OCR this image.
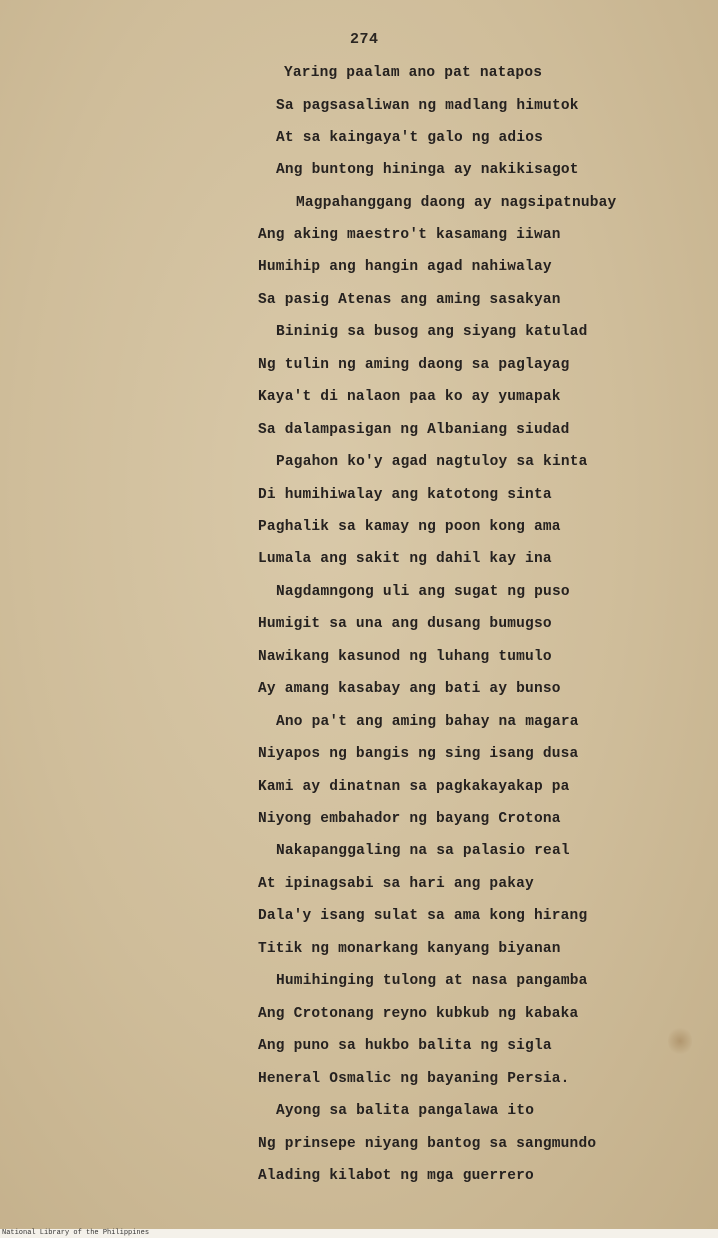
274
Yaring paalam ano pat natapos
Sa pagsasaliwan ng madlang himutok
At sa kaingaya't galo ng adios
Ang buntong hininga ay nakikisagot
Magpahanggang daong ay nagsipatnubay
Ang aking maestro't kasamang iiwan
Humihip ang hangin agad nahiwalay
Sa pasig Atenas ang aming sasakyan
Bininig sa busog ang siyang katulad
Ng tulin ng aming daong sa paglayag
Kaya't di nalaon paa ko ay yumapak
Sa dalampasigan ng Albaniang siudad
Pagahon ko'y agad nagtuloy sa kinta
Di humihiwalay ang katotong sinta
Paghalik sa kamay ng poon kong ama
Lumala ang sakit ng dahil kay ina
Nagdamngong uli ang sugat ng puso
Humigit sa una ang dusang bumugso
Nawikang kasunod ng luhang tumulo
Ay amang kasabay ang bati ay bunso
Ano pa't ang aming bahay na magara
Niyapos ng bangis ng sing isang dusa
Kami ay dinatnan sa pagkakayakap pa
Niyong embahador ng bayang Crotona
Nakapanggaling na sa palasio real
At ipinagsabi sa hari ang pakay
Dala'y isang sulat sa ama kong hirang
Titik ng monarkang kanyang biyanan
Humihinging tulong at nasa pangamba
Ang Crotonang reyno kubkub ng kabaka
Ang puno sa hukbo balita ng sigla
Heneral Osmalic ng bayaning Persia.
Ayong sa balita pangalawa ito
Ng prinsepe niyang bantog sa sangmundo
Alading kilabot ng mga guerrero
National Library of the Philippines
